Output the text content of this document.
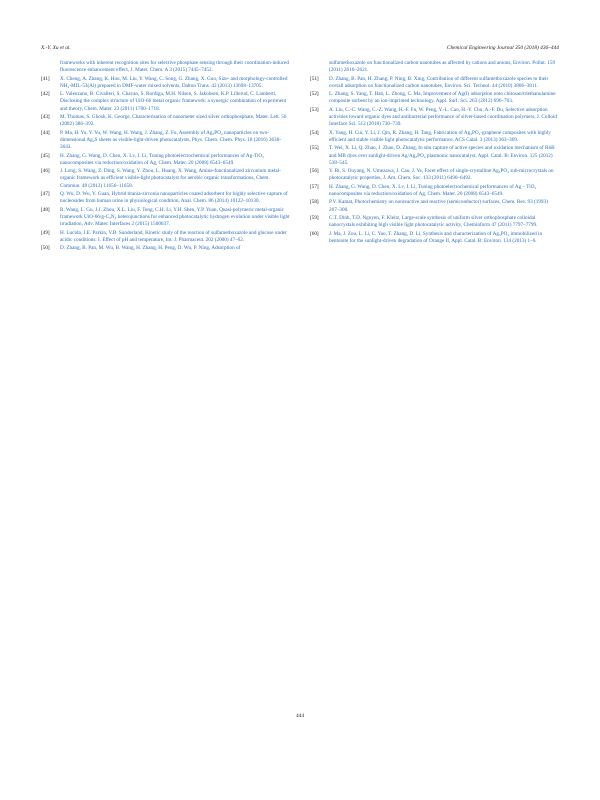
X.-Y. Xu et al.	Chemical Engineering Journal 350 (2018) 436–444
frameworks with inherent recognition sites for selective phosphate sensing through their coordination-induced fluorescence enhancement effect, J. Mater. Chem. A 3 (2015) 7445–7452.
[41] X. Cheng, A. Zhang, K. Hou, M. Liu, Y. Wang, C. Song, G. Zhang, X. Guo, Size- and morphology-controlled NH₂-MIL-53(Al) prepared in DMF-water mixed solvents, Dalton Trans. 42 (2013) 13698–13705.
[42] L. Valenzano, B. Civalleri, S. Chavan, S. Bordiga, M.H. Nilsen, S. Jakobsen, K.P. Lillerud, C. Lamberti, Disclosing the complex structure of UiO-66 metal organic framework: a synergic combination of experiment and theory, Chem. Mater. 23 (2011) 1700–1718.
[43] M. Thomas, S. Ghosh, K. George, Characterisation of nanometer sized silver orthophosphate, Mater. Lett. 56 (2002) 386–392.
[44] P. Ma, H. Yu, Y. Yu, W. Wang, H. Wang, J. Zhang, Z. Fu, Assembly of Ag₃PO₄ nanoparticles on two-dimensional Ag₂S sheets as visible-light-driven photocatalysts, Phys. Chem. Chem. Phys. 18 (2016) 3638–3643.
[45] H. Zhang, G. Wang, D. Chen, X. Lv, J. Li, Tuning photoelectrochemical performances of Ag-TiO₂ nanocomposites via reduction/oxidation of Ag, Chem. Mater. 20 (2008) 6543–6549.
[46] J. Long, S. Wang, Z. Ding, S. Wang, Y. Zhou, L. Huang, X. Wang, Amine-functionalized zirconium metal-organic framework as efficient visible-light photocatalyst for aerobic organic transformations, Chem. Commun. 48 (2012) 11656–11658.
[47] Q. Wu, D. Wu, Y. Guan, Hybrid titania-zirconia nanoparticles coated adsorbent for highly selective capture of nucleosides from human urine in physiological condition, Anal. Chem. 86 (2014) 10122–10130.
[48] R. Wang, L. Gu, J.J. Zhou, X.L. Liu, F. Teng, C.H. Li, Y.H. Shen, Y.P. Yuan, Quasi-polymeric metal-organic framework UiO-66/g-C₃N₄ heterojunctions for enhanced photocatalytic hydrogen evolution under visible light irradiation, Adv. Mater. Interfaces 2 (2015) 1500037.
[49] H. Lucida, J.E. Parkin, V.B. Sunderland, Kinetic study of the reaction of sulfamethoxazole and glucose under acidic conditions: I. Effect of pH and temperature, Int. J. Pharmaceut. 202 (2000) 47–62.
[50] D. Zhang, B. Pan, M. Wu, B. Wang, H. Zhang, H. Peng, D. Wu, P. Ning, Adsorption of
sulfamethoxazole on functionalized carbon nanotubes as affected by cations and anions, Environ. Pollut. 159 (2011) 2616–2621.
[51] D. Zhang, B. Pan, H. Zhang, P. Ning, B. Xing, Contribution of different sulfamethoxazole species to their overall adsorption on functionalized carbon nanotubes, Environ. Sci. Technol. 44 (2010) 3806–3811.
[52] L. Zhang, S. Yang, T. Han, L. Zhong, C. Ma, Improvement of Ag(I) adsorption onto chitosan/triethanolamine composite sorbent by an ion-imprinted technology, Appl. Surf. Sci. 263 (2012) 696–703.
[53] A. Liu, C.-C. Wang, C.-Z. Wang, H.-F. Fu, W. Peng, Y.-L. Cao, H.-Y. Chu, A.-F. Du, Selective adsorption activities toward organic dyes and antibacterial performance of silver-based coordination polymers, J. Colloid Interface Sci. 512 (2018) 730–739.
[54] X. Yang, H. Cui, Y. Li, J. Qin, R. Zhang, H. Tang, Fabrication of Ag₃PO₄-graphene composites with highly efficient and stable visible light photocatalytic performance, ACS Catal. 3 (2013) 363–369.
[55] T. Wei, X. Li, Q. Zhao, J. Zhao, D. Zhang, In situ capture of active species and oxidation mechanism of RhB and MB dyes over sunlight-driven Ag/Ag₃PO₄ plasmonic nanocatalyst, Appl. Catal. B: Environ. 125 (2012) 538–545.
[56] Y. Bi, S. Ouyang, N. Umezawa, J. Cao, J. Ye, Facet effect of single-crystalline Ag₃PO₄ sub-microcrystals on photocatalytic properties, J. Am. Chem. Soc. 133 (2011) 6490–6492.
[57] H. Zhang, G. Wang, D. Chen, X. Lv, J. Li, Tuning photoelectrochemical performances of Ag – TiO₂ nanocomposites via reduction/oxidation of Ag, Chem. Mater. 20 (2008) 6543–6549.
[58] P.V. Kamat, Photochemistry on nonreactive and reactive (semiconductor) surfaces, Chem. Rev. 93 (1993) 267–300.
[59] C.T. Dinh, T.D. Nguyen, F. Kleitz, Large-scale synthesis of uniform silver orthophosphate colloidal nanocrystals exhibiting high visible light photocatalytic activity, Cheminform 47 (2011) 7797–7799.
[60] J. Ma, J. Zou, L. Li, C. Yao, T. Zhang, D. Li, Synthesis and characterization of Ag₃PO₄ immobilized in bentonite for the sunlight-driven degradation of Orange II, Appl. Catal. B: Environ. 134 (2013) 1–6.
444
